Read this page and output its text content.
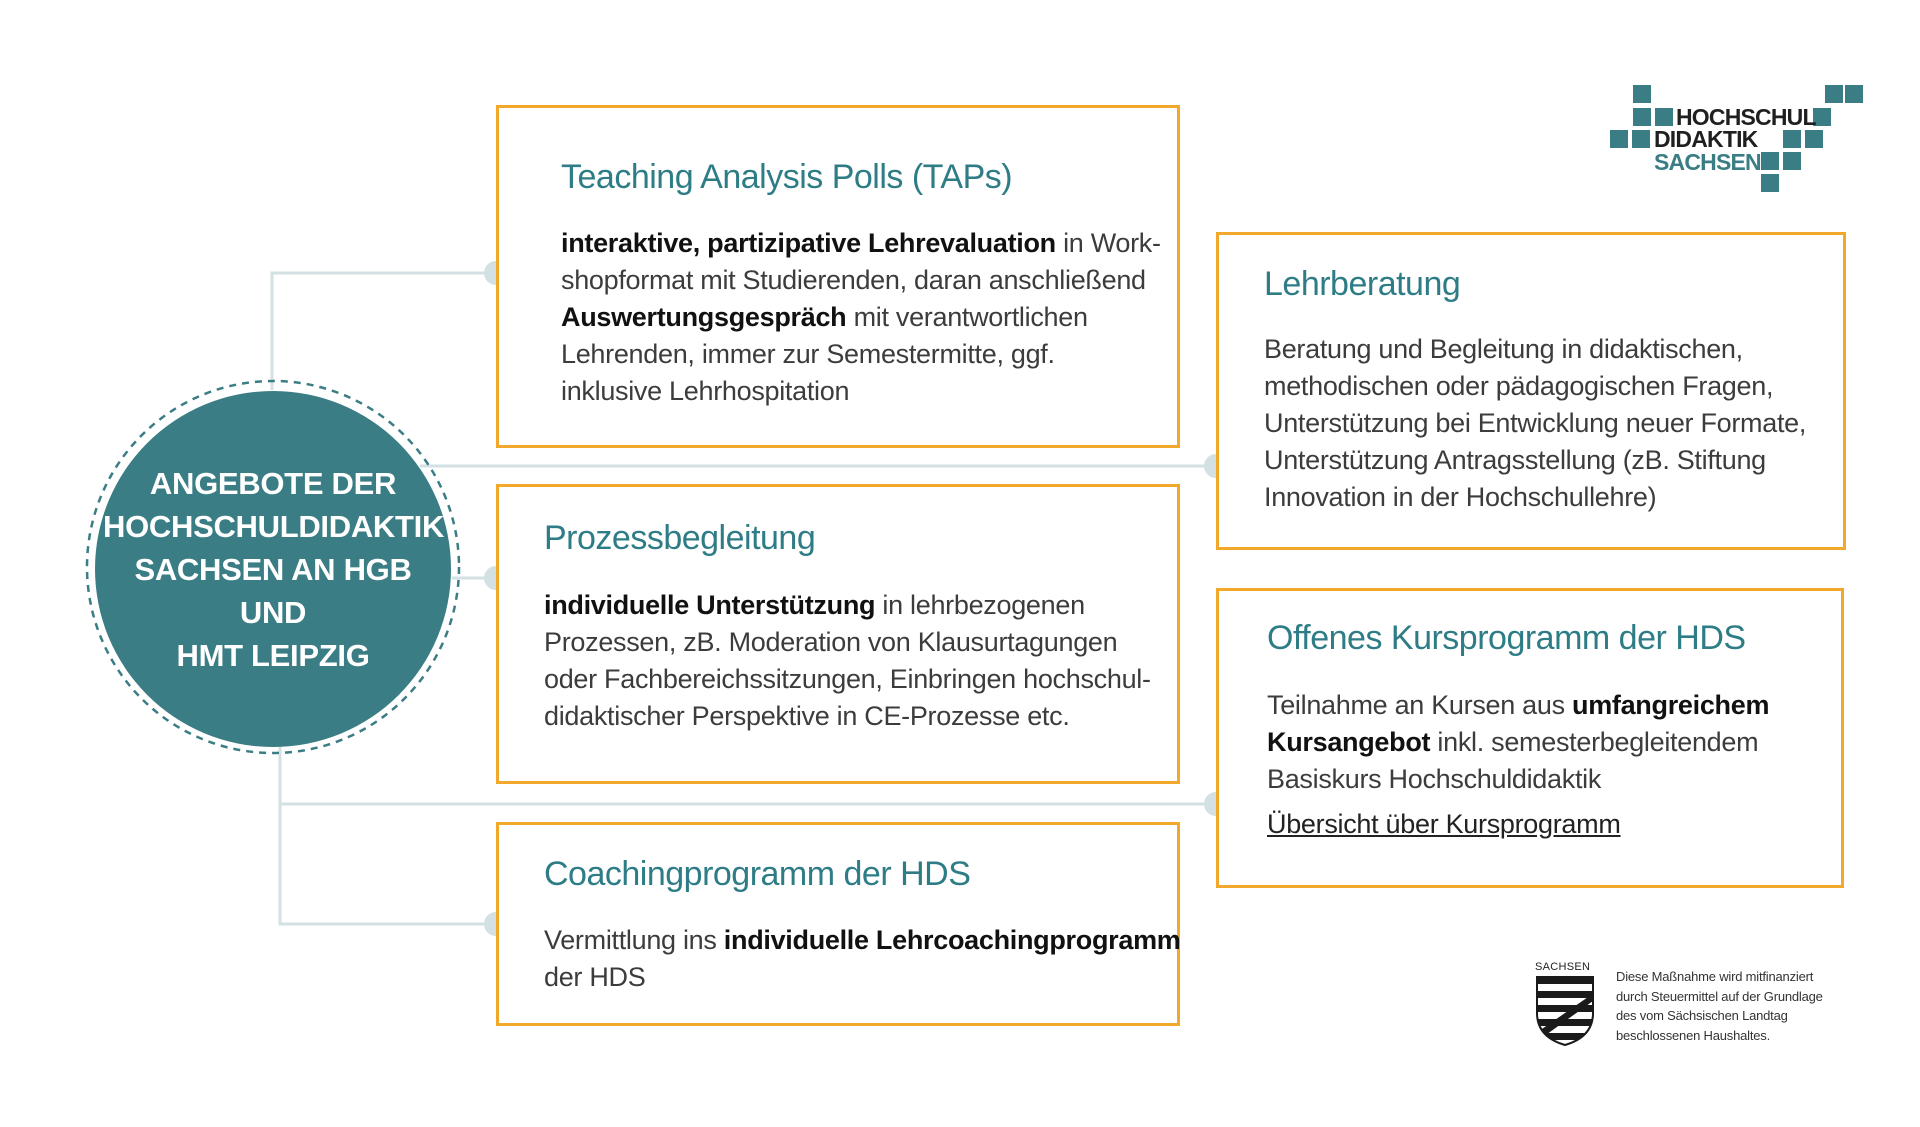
ANGEBOTE DER
HOCHSCHULDIDAKTIK
SACHSEN AN HGB UND
HMT LEIPZIG
Teaching Analysis Polls (TAPs)
interaktive, partizipative Lehrevaluation in Work-
shopformat mit Studierenden, daran anschließend
Auswertungsgespräch mit verantwortlichen
Lehrenden, immer zur Semestermitte, ggf.
inklusive Lehrhospitation
Prozessbegleitung
individuelle Unterstützung in lehrbezogenen
Prozessen, zB. Moderation von Klausurtagungen
oder Fachbereichssitzungen, Einbringen hochschul-
didaktischer Perspektive in CE-Prozesse etc.
Coachingprogramm der HDS
Vermittlung ins individuelle Lehrcoachingprogramm
der HDS
Lehrberatung
Beratung und Begleitung in didaktischen,
methodischen oder pädagogischen Fragen,
Unterstützung bei Entwicklung neuer Formate,
Unterstützung Antragsstellung (zB. Stiftung
Innovation in der Hochschullehre)
Offenes Kursprogramm der HDS
Teilnahme an Kursen aus umfangreichem
Kursangebot inkl. semesterbegleitendem
Basiskurs Hochschuldidaktik
Übersicht über Kursprogramm
HOCHSCHUL
DIDAKTIK
SACHSEN
SACHSEN
Diese Maßnahme wird mitfinanziert
durch Steuermittel auf der Grundlage
des vom Sächsischen Landtag
beschlossenen Haushaltes.
